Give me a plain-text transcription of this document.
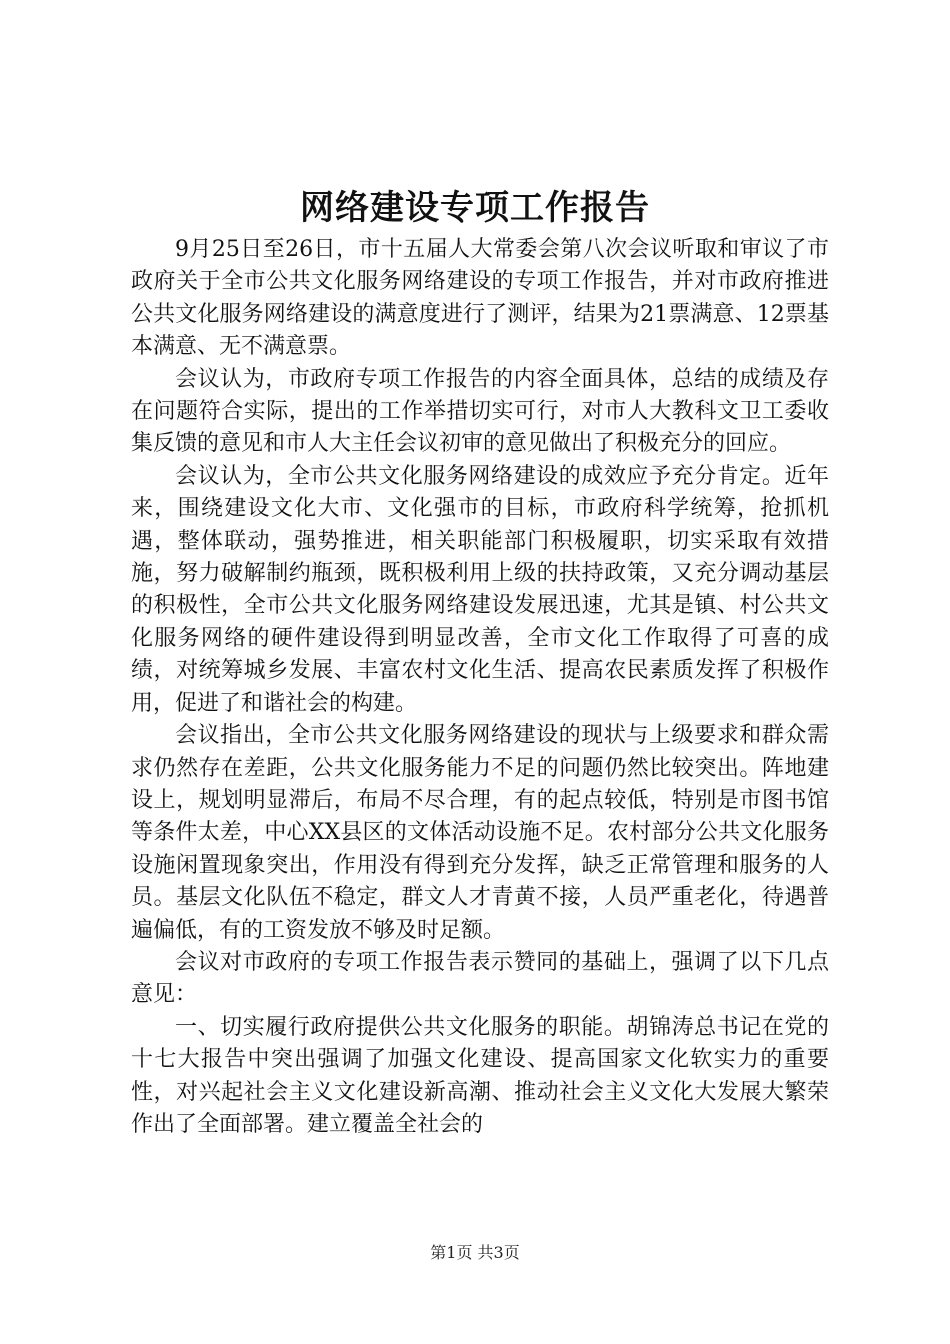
网络建设专项工作报告

9月25日至26日，市十五届人大常委会第八次会议听取和审议了市政府关于全市公共文化服务网络建设的专项工作报告，并对市政府推进公共文化服务网络建设的满意度进行了测评，结果为21票满意、12票基本满意、无不满意票。

会议认为，市政府专项工作报告的内容全面具体，总结的成绩及存在问题符合实际，提出的工作举措切实可行，对市人大教科文卫工委收集反馈的意见和市人大主任会议初审的意见做出了积极充分的回应。

会议认为，全市公共文化服务网络建设的成效应予充分肯定。近年来，围绕建设文化大市、文化强市的目标，市政府科学统筹，抢抓机遇，整体联动，强势推进，相关职能部门积极履职，切实采取有效措施，努力破解制约瓶颈，既积极利用上级的扶持政策，又充分调动基层的积极性，全市公共文化服务网络建设发展迅速，尤其是镇、村公共文化服务网络的硬件建设得到明显改善，全市文化工作取得了可喜的成绩，对统筹城乡发展、丰富农村文化生活、提高农民素质发挥了积极作用，促进了和谐社会的构建。

会议指出，全市公共文化服务网络建设的现状与上级要求和群众需求仍然存在差距，公共文化服务能力不足的问题仍然比较突出。阵地建设上，规划明显滞后，布局不尽合理，有的起点较低，特别是市图书馆等条件太差，中心XX县区的文体活动设施不足。农村部分公共文化服务设施闲置现象突出，作用没有得到充分发挥，缺乏正常管理和服务的人员。基层文化队伍不稳定，群文人才青黄不接，人员严重老化，待遇普遍偏低，有的工资发放不够及时足额。

会议对市政府的专项工作报告表示赞同的基础上，强调了以下几点意见：

一、切实履行政府提供公共文化服务的职能。胡锦涛总书记在党的十七大报告中突出强调了加强文化建设、提高国家文化软实力的重要性，对兴起社会主义文化建设新高潮、推动社会主义文化大发展大繁荣作出了全面部署。建立覆盖全社会的

第1页 共3页
